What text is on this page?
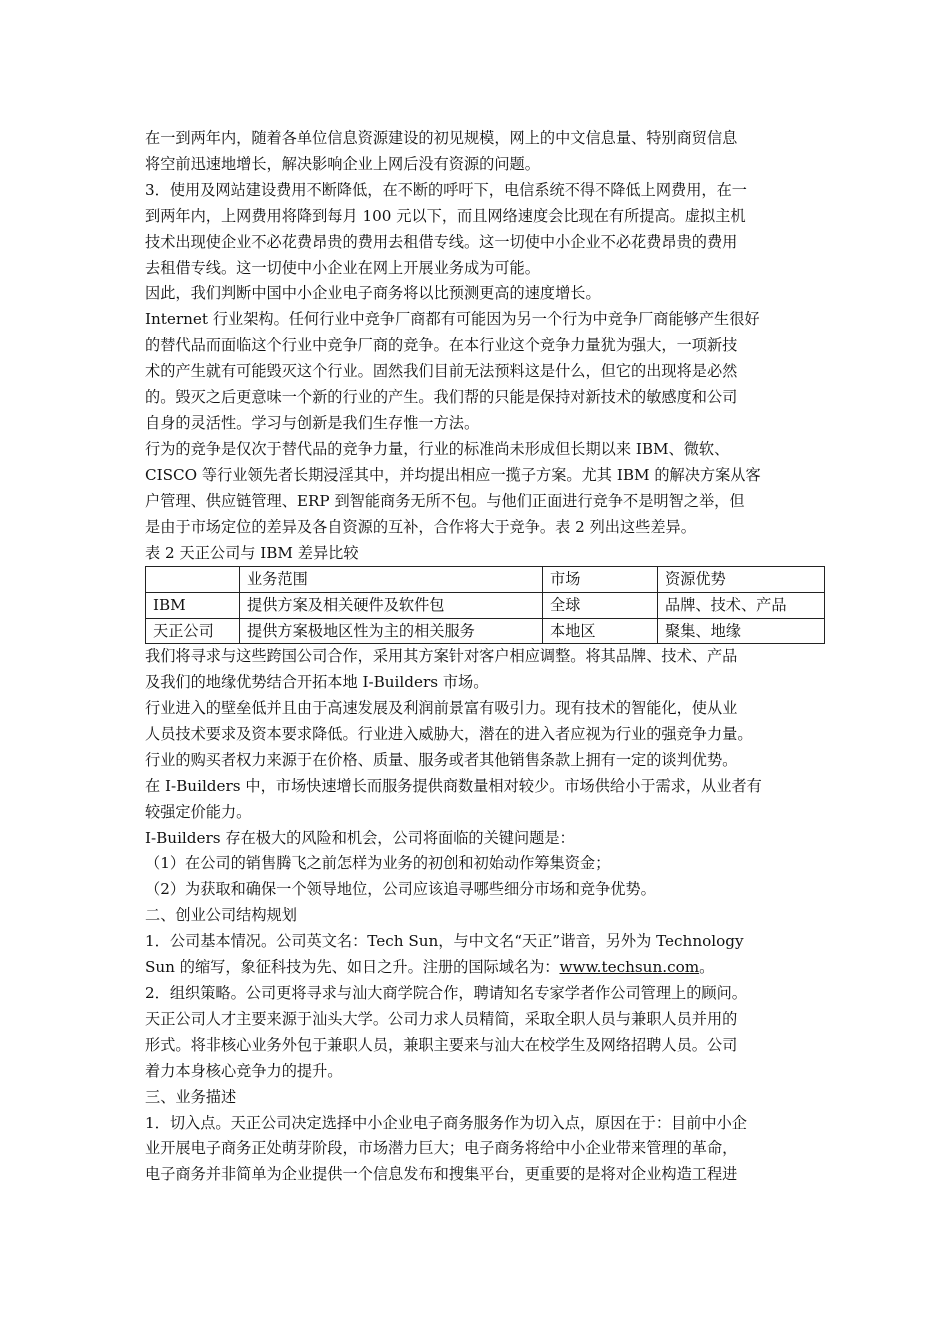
在一到两年内，随着各单位信息资源建设的初见规模，网上的中文信息量、特别商贸信息

将空前迅速地增长，解决影响企业上网后没有资源的问题。

3．使用及网站建设费用不断降低，在不断的呼吁下，电信系统不得不降低上网费用，在一

到两年内，上网费用将降到每月 100 元以下，而且网络速度会比现在有所提高。虚拟主机

技术出现使企业不必花费昂贵的费用去租借专线。这一切使中小企业不必花费昂贵的费用

去租借专线。这一切使中小企业在网上开展业务成为可能。

因此，我们判断中国中小企业电子商务将以比预测更高的速度增长。

Internet 行业架构。任何行业中竞争厂商都有可能因为另一个行为中竞争厂商能够产生很好

的替代品而面临这个行业中竞争厂商的竞争。在本行业这个竞争力量犹为强大，一项新技

术的产生就有可能毁灭这个行业。固然我们目前无法预料这是什么，但它的出现将是必然

的。毁灭之后更意味一个新的行业的产生。我们帮的只能是保持对新技术的敏感度和公司

自身的灵活性。学习与创新是我们生存惟一方法。

行为的竞争是仅次于替代品的竞争力量，行业的标准尚未形成但长期以来 IBM、微软、

CISCO 等行业领先者长期浸淫其中，并均提出相应一揽子方案。尤其 IBM 的解决方案从客

户管理、供应链管理、ERP 到智能商务无所不包。与他们正面进行竞争不是明智之举，但

是由于市场定位的差异及各自资源的互补，合作将大于竞争。表 2 列出这些差异。

表 2 天正公司与 IBM 差异比较

	业务范围	市场	资源优势
IBM	提供方案及相关硬件及软件包	全球	品牌、技术、产品
天正公司	提供方案极地区性为主的相关服务	本地区	聚集、地缘

我们将寻求与这些跨国公司合作，采用其方案针对客户相应调整。将其品牌、技术、产品

及我们的地缘优势结合开拓本地 I-Builders 市场。

行业进入的壁垒低并且由于高速发展及利润前景富有吸引力。现有技术的智能化，使从业

人员技术要求及资本要求降低。行业进入威胁大，潜在的进入者应视为行业的强竞争力量。

行业的购买者权力来源于在价格、质量、服务或者其他销售条款上拥有一定的谈判优势。

在 I-Builders 中，市场快速增长而服务提供商数量相对较少。市场供给小于需求，从业者有

较强定价能力。

I-Builders 存在极大的风险和机会，公司将面临的关键问题是：

（1）在公司的销售腾飞之前怎样为业务的初创和初始动作筹集资金；

（2）为获取和确保一个领导地位，公司应该追寻哪些细分市场和竞争优势。

二、创业公司结构规划

1．公司基本情况。公司英文名：Tech Sun，与中文名“天正”谐音，另外为 Technology

Sun 的缩写，象征科技为先、如日之升。注册的国际域名为：www.techsun.com。

2．组织策略。公司更将寻求与汕大商学院合作，聘请知名专家学者作公司管理上的顾问。

天正公司人才主要来源于汕头大学。公司力求人员精简，采取全职人员与兼职人员并用的

形式。将非核心业务外包于兼职人员，兼职主要来与汕大在校学生及网络招聘人员。公司

着力本身核心竞争力的提升。

三、业务描述

1．切入点。天正公司决定选择中小企业电子商务服务作为切入点，原因在于：目前中小企

业开展电子商务正处萌芽阶段，市场潜力巨大；电子商务将给中小企业带来管理的革命，

电子商务并非简单为企业提供一个信息发布和搜集平台，更重要的是将对企业构造工程进
